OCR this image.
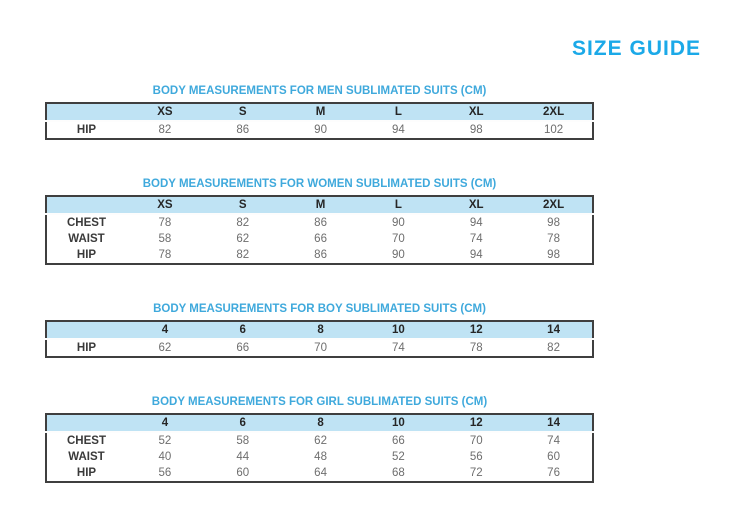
SIZE GUIDE
BODY MEASUREMENTS FOR MEN SUBLIMATED SUITS (CM)
	XS	S	M	L	XL	2XL
HIP	82	86	90	94	98	102
BODY MEASUREMENTS FOR WOMEN SUBLIMATED SUITS (CM)
	XS	S	M	L	XL	2XL
CHEST	78	82	86	90	94	98
WAIST	58	62	66	70	74	78
HIP	78	82	86	90	94	98
BODY MEASUREMENTS FOR BOY SUBLIMATED SUITS (CM)
	4	6	8	10	12	14
HIP	62	66	70	74	78	82
BODY MEASUREMENTS FOR GIRL SUBLIMATED SUITS (CM)
	4	6	8	10	12	14
CHEST	52	58	62	66	70	74
WAIST	40	44	48	52	56	60
HIP	56	60	64	68	72	76
